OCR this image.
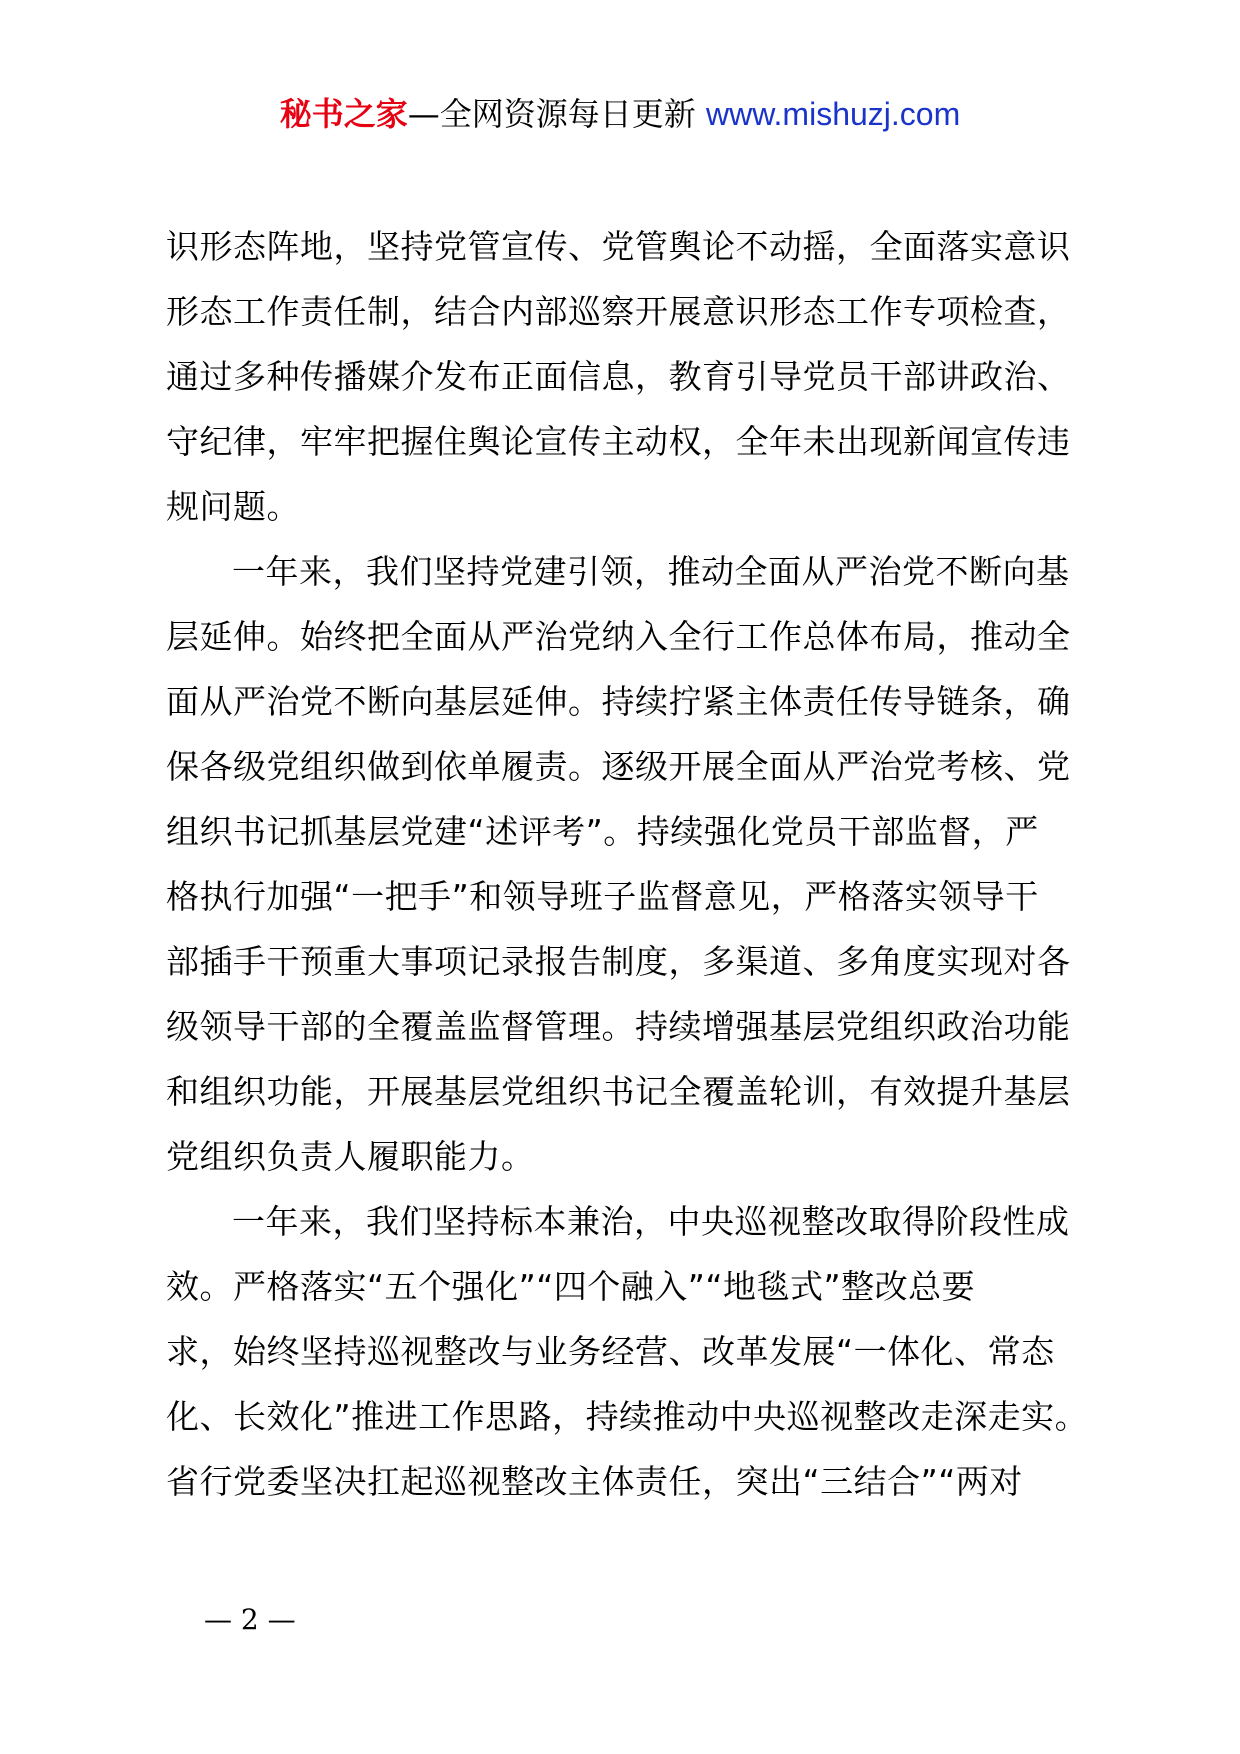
秘书之家—全网资源每日更新 www.mishuzj.com
识形态阵地，坚持党管宣传、党管舆论不动摇，全面落实意识
形态工作责任制，结合内部巡察开展意识形态工作专项检查，
通过多种传播媒介发布正面信息，教育引导党员干部讲政治、
守纪律，牢牢把握住舆论宣传主动权，全年未出现新闻宣传违
规问题。
一年来，我们坚持党建引领，推动全面从严治党不断向基
层延伸。始终把全面从严治党纳入全行工作总体布局，推动全
面从严治党不断向基层延伸。持续拧紧主体责任传导链条，确
保各级党组织做到依单履责。逐级开展全面从严治党考核、党
组织书记抓基层党建“述评考”。持续强化党员干部监督，严
格执行加强“一把手”和领导班子监督意见，严格落实领导干
部插手干预重大事项记录报告制度，多渠道、多角度实现对各
级领导干部的全覆盖监督管理。持续增强基层党组织政治功能
和组织功能，开展基层党组织书记全覆盖轮训，有效提升基层
党组织负责人履职能力。
一年来，我们坚持标本兼治，中央巡视整改取得阶段性成
效。严格落实“五个强化”“四个融入”“地毯式”整改总要
求，始终坚持巡视整改与业务经营、改革发展“一体化、常态
化、长效化”推进工作思路，持续推动中央巡视整改走深走实。
省行党委坚决扛起巡视整改主体责任，突出“三结合”“两对
— 2 —
